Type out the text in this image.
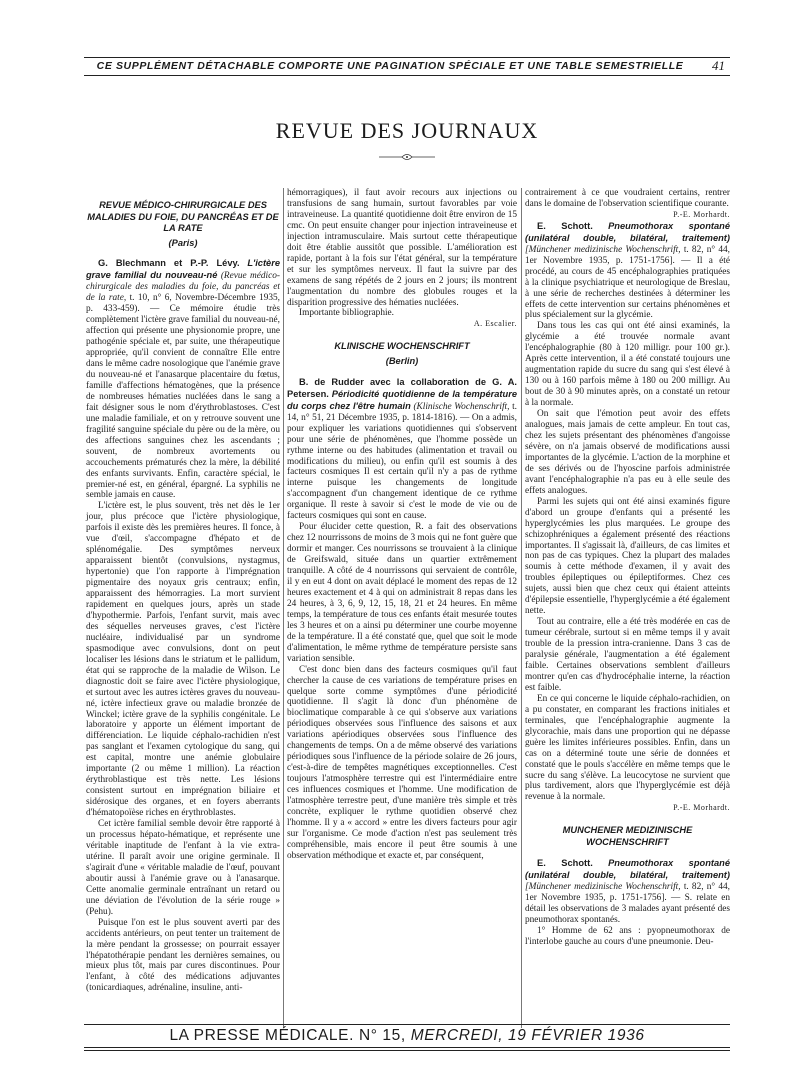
CE SUPPLÉMENT DÉTACHABLE COMPORTE UNE PAGINATION SPÉCIALE ET UNE TABLE SEMESTRIELLE	41
REVUE DES JOURNAUX
REVUE MÉDICO-CHIRURGICALE DES MALADIES DU FOIE, DU PANCRÉAS ET DE LA RATE
(Paris)

G. Blechmann et P.-P. Lévy. L'ictère grave familial du nouveau-né (Revue médico-chirurgicale des maladies du foie, du pancréas et de la rate, t. 10, n° 6, Novembre-Décembre 1935, p. 433-459). — Ce mémoire étudie très complètement l'ictère grave familial du nouveau-né, affection qui présente une physionomie propre, une pathogénie spéciale et, par suite, une thérapeutique appropriée, qu'il convient de connaître Elle entre dans le même cadre nosologique que l'anémie grave du nouveau-né et l'anasarque placentaire du fœtus, famille d'affections hématogènes, que la présence de nombreuses hématies nucléées dans le sang a fait désigner sous le nom d'érythroblastoses. C'est une maladie familiale, et on y retrouve souvent une fragilité sanguine spéciale du père ou de la mère, ou des affections sanguines chez les ascendants ; souvent, de nombreux avortements ou accouchements prématurés chez la mère, la débilité des enfants survivants. Enfin, caractère spécial, le premier-né est, en général, épargné. La syphilis ne semble jamais en cause.

L'ictère est, le plus souvent, très net dès le 1er jour, plus précoce que l'ictère physiologique, parfois il existe dès les premières heures. Il fonce, à vue d'œil, s'accompagne d'hépato et de splénomégalie. Des symptômes nerveux apparaissent bientôt (convulsions, nystagmus, hypertonie) que l'on rapporte à l'imprégnation pigmentaire des noyaux gris centraux; enfin, apparaissent des hémorragies. La mort survient rapidement en quelques jours, après un stade d'hypothermie. Parfois, l'enfant survit, mais avec des séquelles nerveuses graves, c'est l'ictère nucléaire, individualisé par un syndrome spasmodique avec convulsions, dont on peut localiser les lésions dans le striatum et le pallidum, état qui se rapproche de la maladie de Wilson. Le diagnostic doit se faire avec l'ictère physiologique, et surtout avec les autres ictères graves du nouveau-né, ictère infectieux grave ou maladie bronzée de Winckel; ictère grave de la syphilis congénitale. Le laboratoire y apporte un élément important de différenciation. Le liquide céphalo-rachidien n'est pas sanglant et l'examen cytologique du sang, qui est capital, montre une anémie globulaire importante (2 ou même 1 million). La réaction érythroblastique est très nette. Les lésions consistent surtout en imprégnation biliaire et sidérosique des organes, et en foyers aberrants d'hématopoïèse riches en érythroblastes.

Cet ictère familial semble devoir être rapporté à un processus hépato-hématique, et représente une véritable inaptitude de l'enfant à la vie extra-utérine. Il paraît avoir une origine germinale. Il s'agirait d'une « véritable maladie de l'œuf, pouvant aboutir aussi à l'anémie grave ou à l'anasarque. Cette anomalie germinale entraînant un retard ou une déviation de l'évolution de la série rouge » (Pehu).

Puisque l'on est le plus souvent averti par des accidents antérieurs, on peut tenter un traitement de la mère pendant la grossesse; on pourrait essayer l'hépatothérapie pendant les dernières semaines, ou mieux plus tôt, mais par cures discontinues. Pour l'enfant, à côté des médications adjuvantes (tonicardiaques, adrénaline, insuline, anti-

hémorragiques), il faut avoir recours aux injections ou transfusions de sang humain, surtout favorables par voie intraveineuse. La quantité quotidienne doit être environ de 15 cmc. On peut ensuite changer pour injection intraveineuse et injection intramusculaire. Mais surtout cette thérapeutique doit être établie aussitôt que possible. L'amélioration est rapide, portant à la fois sur l'état général, sur la température et sur les symptômes nerveux. Il faut la suivre par des examens de sang répétés de 2 jours en 2 jours; ils montrent l'augmentation du nombre des globules rouges et la disparition progressive des hématies nucléées.

Importante bibliographie.

A. Escalier.

KLINISCHE WOCHENSCHRIFT
(Berlin)

B. de Rudder avec la collaboration de G. A. Petersen. Périodicité quotidienne de la température du corps chez l'être humain (Klinische Wochenschrift, t. 14, n° 51, 21 Décembre 1935, p. 1814-1816). — On a admis, pour expliquer les variations quotidiennes qui s'observent pour une série de phénomènes, que l'homme possède un rythme interne ou des habitudes (alimentation et travail ou modifications du milieu), ou enfin qu'il est soumis à des facteurs cosmiques Il est certain qu'il n'y a pas de rythme interne puisque les changements de longitude s'accompagnent d'un changement identique de ce rythme organique. Il reste à savoir si c'est le mode de vie ou de facteurs cosmiques qui sont en cause.

Pour élucider cette question, R. a fait des observations chez 12 nourrissons de moins de 3 mois qui ne font guère que dormir et manger. Ces nourrissons se trouvaient à la clinique de Greifswald, située dans un quartier extrêmement tranquille. A côté de 4 nourrissons qui servaient de contrôle, il y en eut 4 dont on avait déplacé le moment des repas de 12 heures exactement et 4 à qui on administrait 8 repas dans les 24 heures, à 3, 6, 9, 12, 15, 18, 21 et 24 heures. En même temps, la température de tous ces enfants était mesurée toutes les 3 heures et on a ainsi pu déterminer une courbe moyenne de la température. Il a été constaté que, quel que soit le mode d'alimentation, le même rythme de température persiste sans variation sensible.

C'est donc bien dans des facteurs cosmiques qu'il faut chercher la cause de ces variations de température prises en quelque sorte comme symptômes d'une périodicité quotidienne. Il s'agit là donc d'un phénomène de bioclimatique comparable à ce qui s'observe aux variations périodiques observées sous l'influence des saisons et aux variations apériodiques observées sous l'influence des changements de temps. On a de même observé des variations périodiques sous l'influence de la période solaire de 26 jours, c'est-à-dire de tempêtes magnétiques exceptionnelles. C'est toujours l'atmosphère terrestre qui est l'intermédiaire entre ces influences cosmiques et l'homme. Une modification de l'atmosphère terrestre peut, d'une manière très simple et très concrète, expliquer le rythme quotidien observé chez l'homme. Il y a « accord » entre les divers facteurs pour agir sur l'organisme. Ce mode d'action n'est pas seulement très compréhensible, mais encore il peut être soumis à une observation méthodique et exacte et, par conséquent,

contrairement à ce que voudraient certains, rentrer dans le domaine de l'observation scientifique courante.

P.-E. Morhardt.

E. Schott. Pneumothorax spontané (unilatéral double, bilatéral, traitement) [Münchener medizinische Wochenschrift, t. 82, n° 44, 1er Novembre 1935, p. 1751-1756]. — Il a été procédé, au cours de 45 encéphalographies pratiquées à la clinique psychiatrique et neurologique de Breslau, à une série de recherches destinées à déterminer les effets de cette intervention sur certains phénomènes et plus spécialement sur la glycémie.

Dans tous les cas qui ont été ainsi examinés, la glycémie a été trouvée normale avant l'encéphalographie (80 à 120 milligr. pour 100 gr.). Après cette intervention, il a été constaté toujours une augmentation rapide du sucre du sang qui s'est élevé à 130 ou à 160 parfois même à 180 ou 200 milligr. Au bout de 30 à 90 minutes après, on a constaté un retour à la normale.

On sait que l'émotion peut avoir des effets analogues, mais jamais de cette ampleur. En tout cas, chez les sujets présentant des phénomènes d'angoisse sévère, on n'a jamais observé de modifications aussi importantes de la glycémie. L'action de la morphine et de ses dérivés ou de l'hyoscine parfois administrée avant l'encéphalographie n'a pas eu à elle seule des effets analogues.

Parmi les sujets qui ont été ainsi examinés figure d'abord un groupe d'enfants qui a présenté les hyperglycémies les plus marquées. Le groupe des schizophréniques a également présenté des réactions importantes. Il s'agissait là, d'ailleurs, de cas limites et non pas de cas typiques. Chez la plupart des malades soumis à cette méthode d'examen, il y avait des troubles épileptiques ou épileptiformes. Chez ces sujets, aussi bien que chez ceux qui étaient atteints d'épilepsie essentielle, l'hyperglycémie a été également nette.

Tout au contraire, elle a été très modérée en cas de tumeur cérébrale, surtout si en même temps il y avait trouble de la pression intra-cranienne. Dans 3 cas de paralysie générale, l'augmentation a été également faible. Certaines observations semblent d'ailleurs montrer qu'en cas d'hydrocéphalie interne, la réaction est faible.

En ce qui concerne le liquide céphalo-rachidien, on a pu constater, en comparant les fractions initiales et terminales, que l'encéphalographie augmente la glycorachie, mais dans une proportion qui ne dépasse guère les limites inférieures possibles. Enfin, dans un cas on a déterminé toute une série de données et constaté que le pouls s'accélère en même temps que le sucre du sang s'élève. La leucocytose ne survient que plus tardivement, alors que l'hyperglycémie est déjà revenue à la normale.

P.-E. Morhardt.

MUNCHENER MEDIZINISCHE WOCHENSCHRIFT

E. Schott. Pneumothorax spontané (unilatéral double, bilatéral, traitement) [Münchener medizinische Wochenschrift, t. 82, n° 44, 1er Novembre 1935, p. 1751-1756]. — S. relate en détail les observations de 3 malades ayant présenté des pneumothorax spontanés.

1° Homme de 62 ans : pyopneumothorax de l'interlobe gauche au cours d'une pneumonie. Deu-

LA PRESSE MÉDICALE. N° 15, MERCREDI, 19 FÉVRIER 1936
